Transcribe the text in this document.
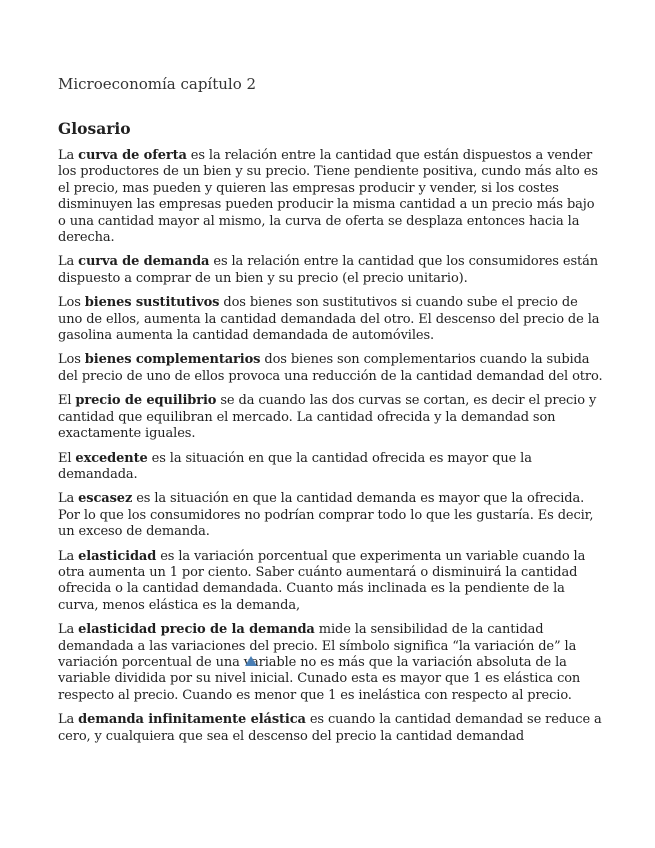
Microeconomía capítulo 2
Glosario

La curva de oferta es la relación entre la cantidad que están dispuestos a vender los productores de un bien y su precio. Tiene pendiente positiva, cundo más alto es el precio, mas pueden y quieren las empresas producir y vender, si los costes disminuyen las empresas pueden producir la misma cantidad a un precio más bajo o una cantidad mayor al mismo, la curva de oferta se desplaza entonces hacia la derecha.

La curva de demanda es la relación entre la cantidad que los consumidores están dispuesto a comprar de un bien y su precio (el precio unitario).

Los bienes sustitutivos dos bienes son sustitutivos si cuando sube el precio de uno de ellos, aumenta la cantidad demandada del otro. El descenso del precio de la gasolina aumenta la cantidad demandada de automóviles.

Los bienes complementarios dos bienes son complementarios cuando la subida del precio de uno de ellos provoca una reducción de la cantidad demandad del otro.

El precio de equilibrio se da cuando las dos curvas se cortan, es decir el precio y cantidad que equilibran el mercado. La cantidad ofrecida y la demandad son exactamente iguales.

El excedente es la situación en que la cantidad ofrecida es mayor que la demandada.

La escasez es la situación en que la cantidad demanda es mayor que la ofrecida. Por lo que los consumidores no podrían comprar todo lo que les gustaría. Es decir, un exceso de demanda.

La elasticidad es la variación porcentual que experimenta un variable cuando la otra aumenta un 1 por ciento. Saber cuánto aumentará o disminuirá la cantidad ofrecida o la cantidad demandada. Cuanto más inclinada es la pendiente de la curva, menos elástica es la demanda,

La elasticidad precio de la demanda mide la sensibilidad de la cantidad demandada a las variaciones del precio. El símbolo significa “la variación de” la variación porcentual de una variable no es más que la variación absoluta de la variable dividida por su nivel inicial. Cunado esta es mayor que 1 es elástica con respecto al precio. Cuando es menor que 1 es inelástica con respecto al precio.

La demanda infinitamente elástica es cuando la cantidad demandad se reduce a cero, y cualquiera que sea el descenso del precio la cantidad demandad
